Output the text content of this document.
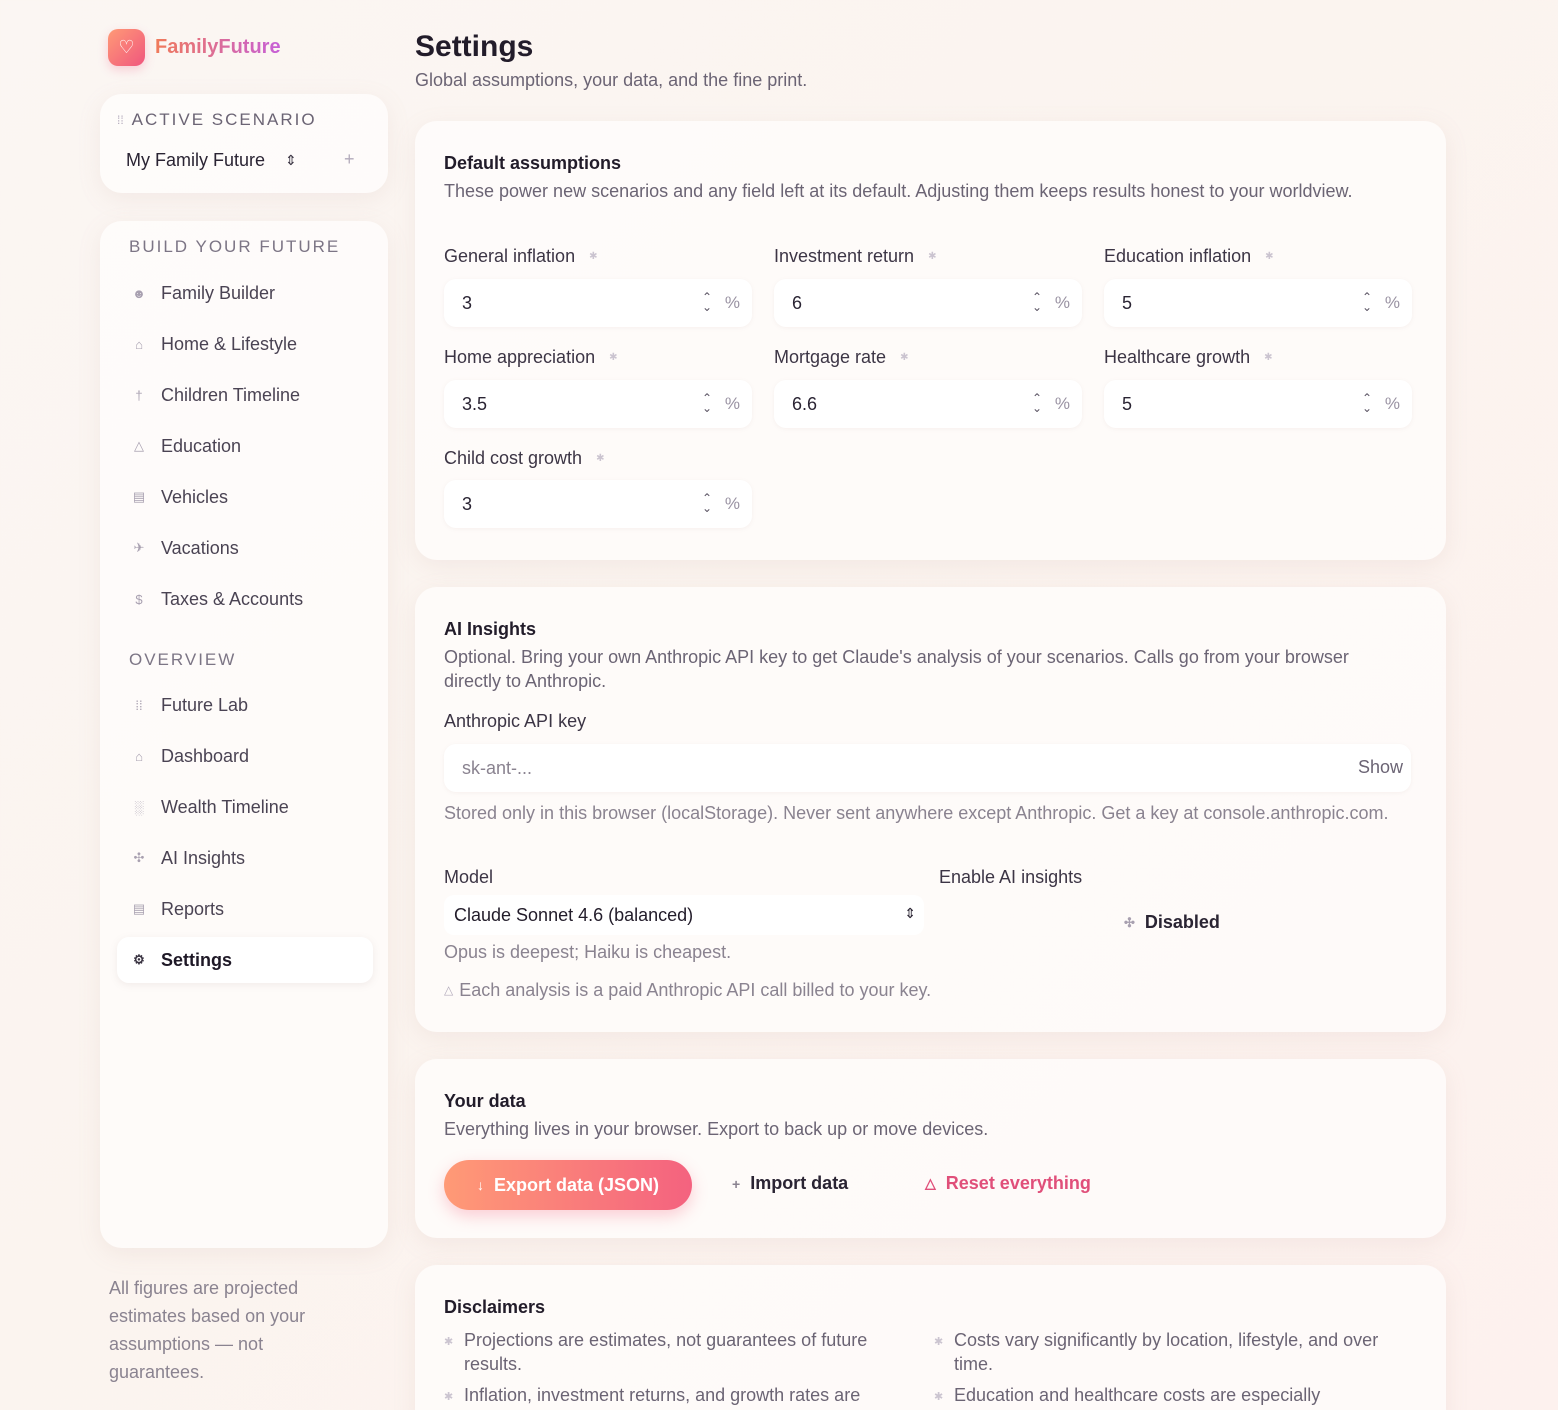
♡	FamilyFuture
⁞⁞ ACTIVE SCENARIO
My Family Future ⇕	+
BUILD YOUR FUTURE
☻ Family Builder
⌂ Home & Lifestyle
† Children Timeline
△ Education
▤ Vehicles
✈ Vacations
$ Taxes & Accounts
OVERVIEW
⁞⁞ Future Lab
⌂ Dashboard
░ Wealth Timeline
✣ AI Insights
▤ Reports
⚙ Settings
All figures are projected estimates based on your assumptions — not guarantees.
Settings
Global assumptions, your data, and the fine print.
Default assumptions
These power new scenarios and any field left at its default. Adjusting them keeps results honest to your worldview.
General inflation ✱
3	⌃
⌄ %
Investment return ✱
6	⌃
⌄ %
Education inflation ✱
5	⌃
⌄ %
Home appreciation ✱
3.5	⌃
⌄ %
Mortgage rate ✱
6.6	⌃
⌄ %
Healthcare growth ✱
5	⌃
⌄ %
Child cost growth ✱
3	⌃
⌄ %
AI Insights
Optional. Bring your own Anthropic API key to get Claude's analysis of your scenarios. Calls go from your browser directly to Anthropic.
Anthropic API key
sk-ant-...	Show
Stored only in this browser (localStorage). Never sent anywhere except Anthropic. Get a key at console.anthropic.com.
Model
Claude Sonnet 4.6 (balanced)	⇕
Enable AI insights
✣ Disabled
Opus is deepest; Haiku is cheapest.
△ Each analysis is a paid Anthropic API call billed to your key.
Your data
Everything lives in your browser. Export to back up or move devices.
↓ Export data (JSON)	+ Import data	△ Reset everything
Disclaimers
✱ Projections are estimates, not guarantees of future results.
✱ Costs vary significantly by location, lifestyle, and over time.
✱ Inflation, investment returns, and growth rates are	✱ Education and healthcare costs are especially
